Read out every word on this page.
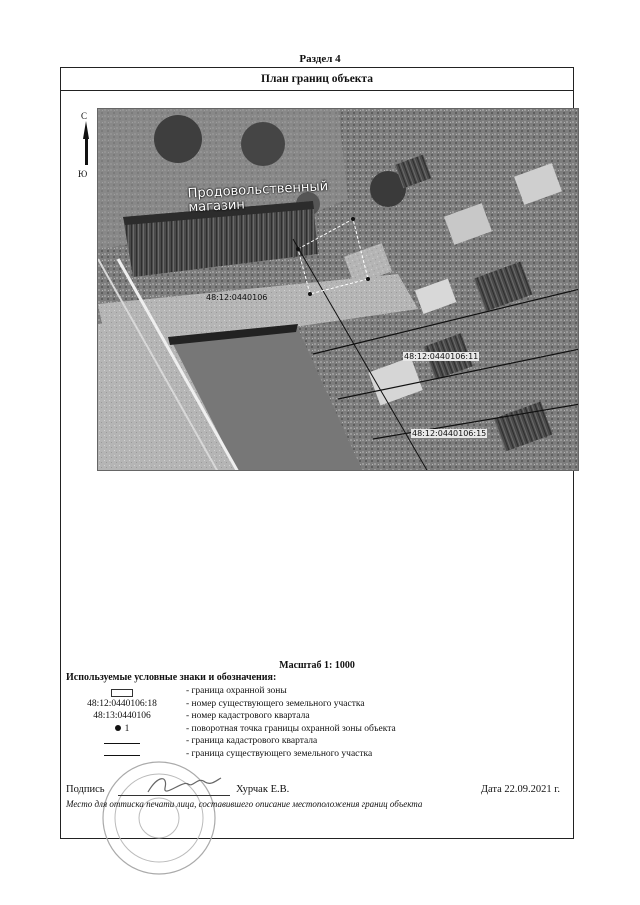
Раздел 4
План границ объекта
С
Ю
Продовольственный магазин
48:12:0440106
48:12:0440106:11
48:12:0440106:15
Масштаб 1: 1000
Используемые условные знаки и обозначения:
- граница охранной зоны
48:12:0440106:18	- номер существующего земельного участка
48:13:0440106	- номер кадастрового квартала
1	- поворотная точка границы охранной зоны объекта
- граница кадастрового квартала
- граница существующего земельного участка
Подпись	Хурчак Е.В.	Дата 22.09.2021 г.
Место для оттиска печати лица, составившего описание местоположения границ объекта
